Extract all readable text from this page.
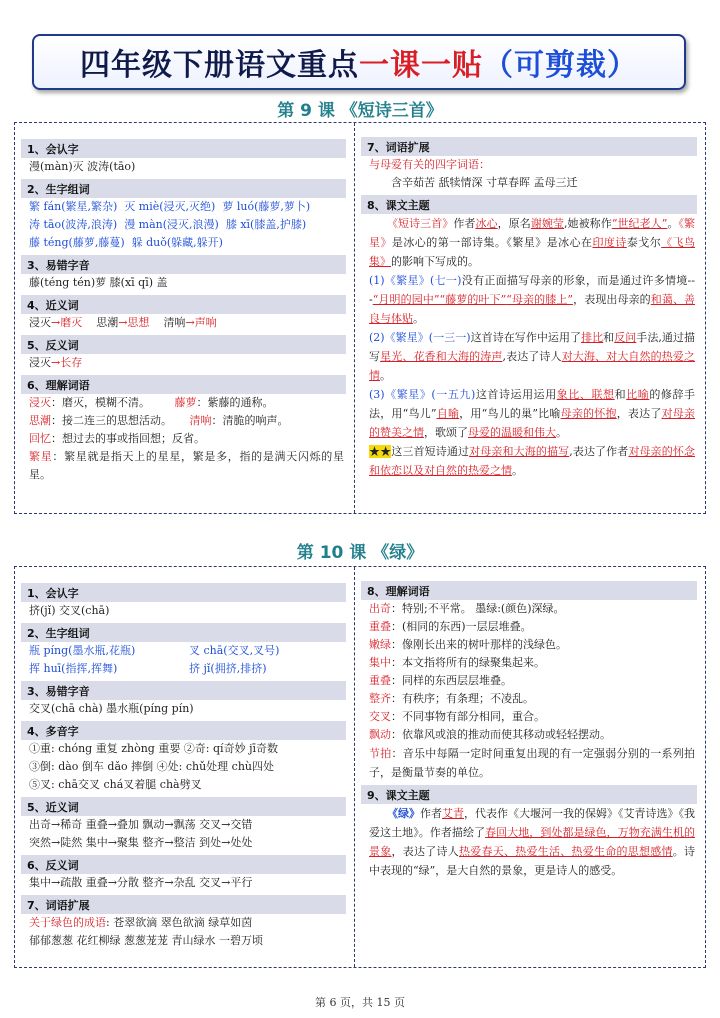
四年级下册语文重点 一课一贴 （可剪裁）
第 9 课 《短诗三首》
1、会认字
漫(màn)灭 波涛(tāo)
2、生字组词
繁 fán(繁星,繁杂) 灭 miè(浸灭,灭绝) 萝 luó(藤萝,萝卜)
涛 tāo(波涛,浪涛) 漫 màn(浸灭,浪漫) 膝 xī(膝盖,护膝)
藤 téng(藤萝,藤蔓) 躲 duǒ(躲藏,躲开)
3、易错字音
藤(téng tén)萝 膝(xī qī) 盖
4、近义词
浸灭→磨灭 思潮→思想 清响→声响
5、反义词
浸灭→长存
6、理解词语
浸灭：磨灭，模糊不清。 藤萝：紫藤的通称。
思潮：接二连三的思想活动。 清响：清脆的响声。
回忆：想过去的事或指回想；反省。
繁星：繁星就是指天上的星星，繁是多，指的是满天闪烁的星星。
7、词语扩展
与母爱有关的四字词语：
含辛茹苦 舐犊情深 寸草春晖 孟母三迁
8、课文主题
《短诗三首》作者冰心，原名谢婉莹,她被称作“世纪老人”。《繁星》是冰心的第一部诗集。《繁星》是冰心在印度诗泰戈尔《飞鸟集》的影响下写成的。
(1)《繁星》(七一)没有正面描写母亲的形象，而是通过许多情境---“月明的园中”“藤萝的叶下”“母亲的膝上”，表现出母亲的和蔼、善良与体贴。
(2)《繁星》(一三一)这首诗在写作中运用了排比和反问手法,通过描写星光、花香和大海的涛声,表达了诗人对大海、对大自然的热爱之情。
(3)《繁星》(一五九)这首诗运用运用象比、联想和比喻的修辞手法，用“鸟儿”自喻，用“鸟儿的巢”比喻母亲的怀抱，表达了对母亲的赞美之情，歌颂了母爱的温暖和伟大。
★★这三首短诗通过对母亲和大海的描写,表达了作者对母亲的怀念和依恋以及对自然的热爱之情。
第 10 课 《绿》
1、会认字
挤(jǐ) 交叉(chā)
2、生字组词
瓶 píng(墨水瓶,花瓶)	叉 chā(交叉,叉号)
挥 huī(指挥,挥舞)	挤 jǐ(拥挤,排挤)
3、易错字音
交叉(chā chà) 墨水瓶(píng pín)
4、多音字
①重: chóng 重复 zhòng 重要 ②奇: qí奇妙 jī奇数
③倒: dào 倒车 dǎo 摔倒 ④处: chǔ处理 chù四处
⑤叉: chā交叉 chá叉着腿 chà劈叉
5、近义词
出奇→稀奇 重叠→叠加 飘动→飘荡 交叉→交错
突然→陡然 集中→聚集 整齐→整洁 到处→处处
6、反义词
集中→疏散 重叠→分散 整齐→杂乱 交叉→平行
7、词语扩展
关于绿色的成语: 苍翠欲滴 翠色欲滴 绿草如茵
郁郁葱葱 花红柳绿 葱葱茏茏 青山绿水 一碧万顷
8、理解词语
出奇：特别;不平常。 墨绿:(颜色)深绿。
重叠：(相同的东西)一层层堆叠。
嫩绿：像刚长出来的树叶那样的浅绿色。
集中：本文指将所有的绿聚集起来。
重叠：同样的东西层层堆叠。
整齐：有秩序；有条理；不凌乱。
交叉：不同事物有部分相同，重合。
飘动：依靠风或浪的推动而使其移动或轻轻摆动。
节拍：音乐中每隔一定时间重复出现的有一定强弱分别的一系列拍子，是衡量节奏的单位。
9、课文主题
《绿》作者艾青，代表作《大堰河一我的保姆》《艾青诗选》《我爱这土地》。作者描绘了春回大地，到处都是绿色，万物充满生机的景象，表达了诗人热爱春天、热爱生活、热爱生命的思想感情。诗中表现的“绿”，是大自然的景象，更是诗人的感受。
第 6 页，共 15 页
